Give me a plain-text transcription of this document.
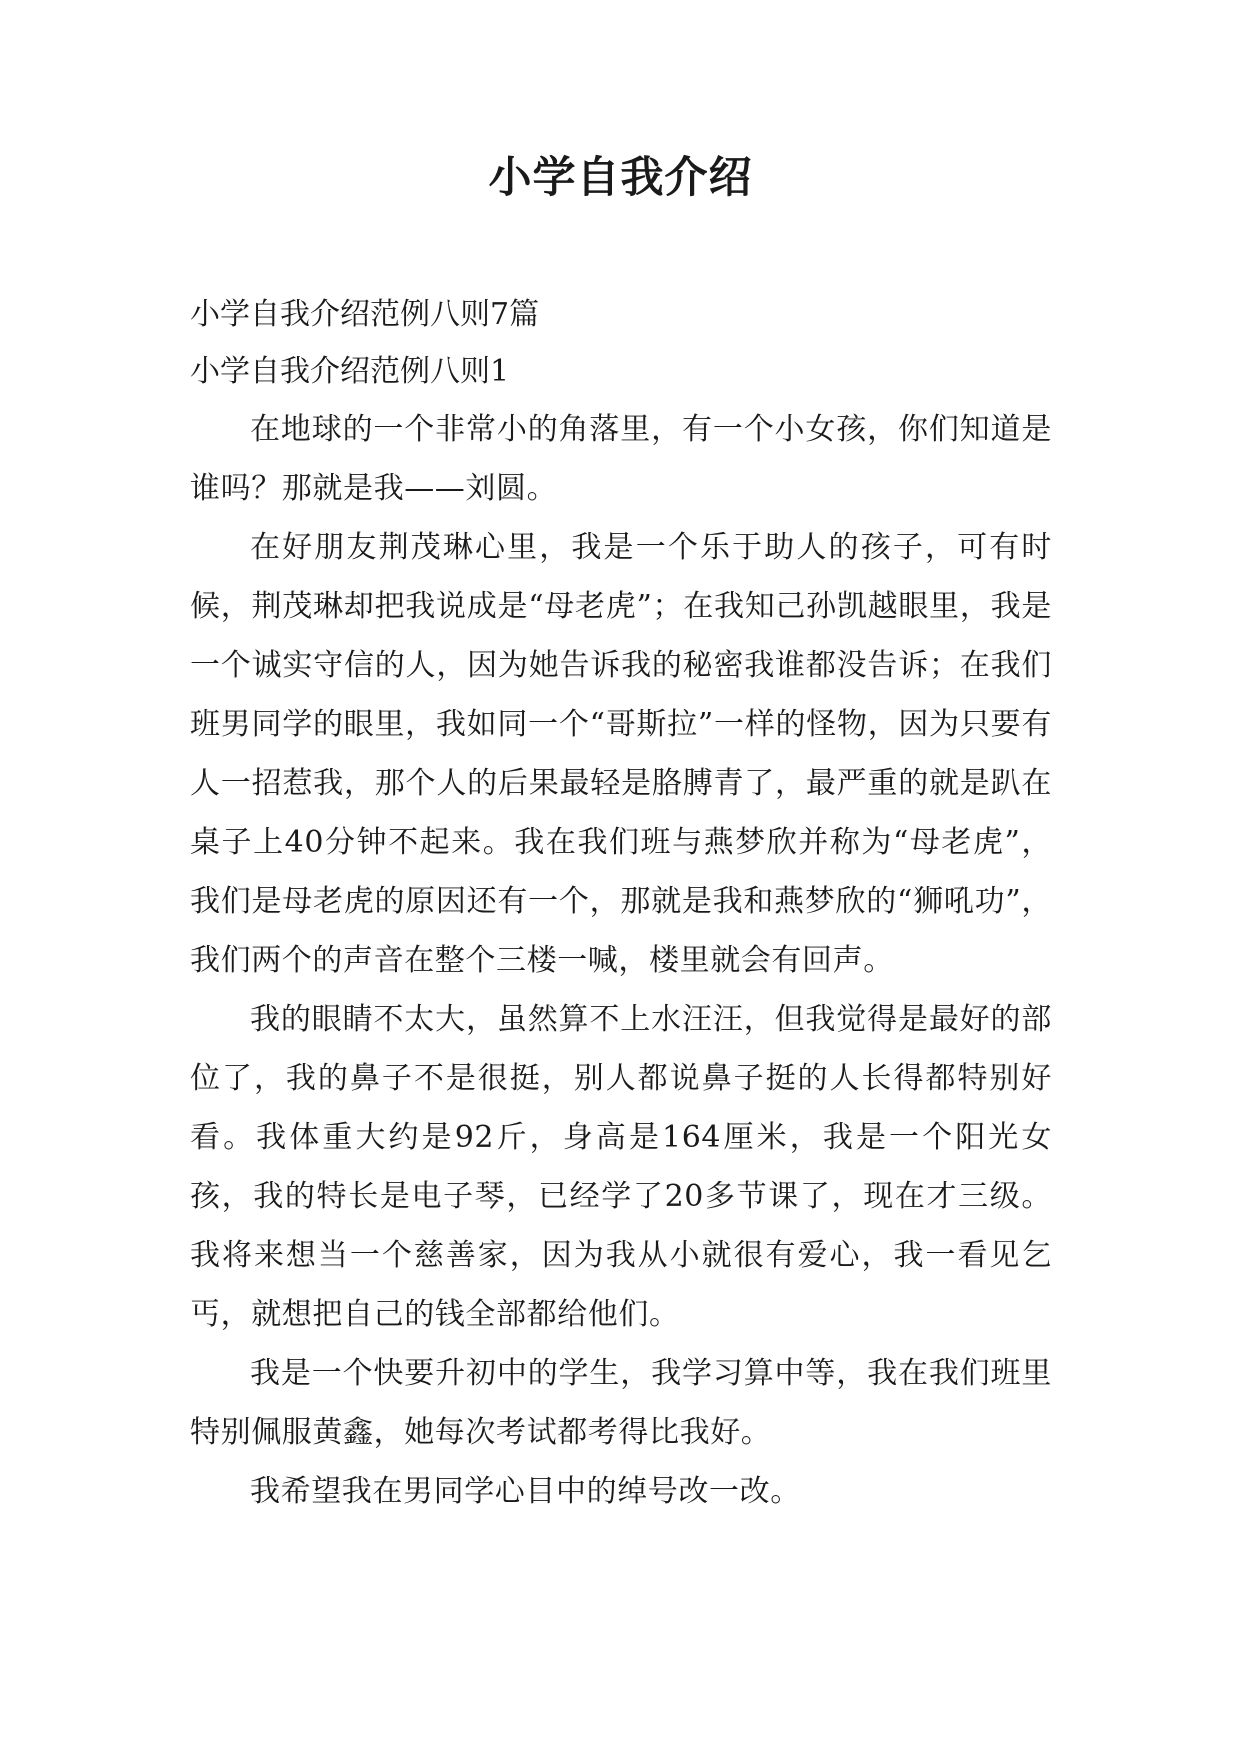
小学自我介绍

小学自我介绍范例八则7篇

小学自我介绍范例八则1

在地球的一个非常小的角落里，有一个小女孩，你们知道是谁吗？那就是我——刘圆。

在好朋友荆茂琳心里，我是一个乐于助人的孩子，可有时候，荆茂琳却把我说成是“母老虎”；在我知己孙凯越眼里，我是一个诚实守信的人，因为她告诉我的秘密我谁都没告诉；在我们班男同学的眼里，我如同一个“哥斯拉”一样的怪物，因为只要有人一招惹我，那个人的后果最轻是胳膊青了，最严重的就是趴在桌子上40分钟不起来。我在我们班与燕梦欣并称为“母老虎”，我们是母老虎的原因还有一个，那就是我和燕梦欣的“狮吼功”，我们两个的声音在整个三楼一喊，楼里就会有回声。

我的眼睛不太大，虽然算不上水汪汪，但我觉得是最好的部位了，我的鼻子不是很挺，别人都说鼻子挺的人长得都特别好看。我体重大约是92斤，身高是164厘米，我是一个阳光女孩，我的特长是电子琴，已经学了20多节课了，现在才三级。我将来想当一个慈善家，因为我从小就很有爱心，我一看见乞丐，就想把自己的钱全部都给他们。

我是一个快要升初中的学生，我学习算中等，我在我们班里特别佩服黄鑫，她每次考试都考得比我好。

我希望我在男同学心目中的绰号改一改。
